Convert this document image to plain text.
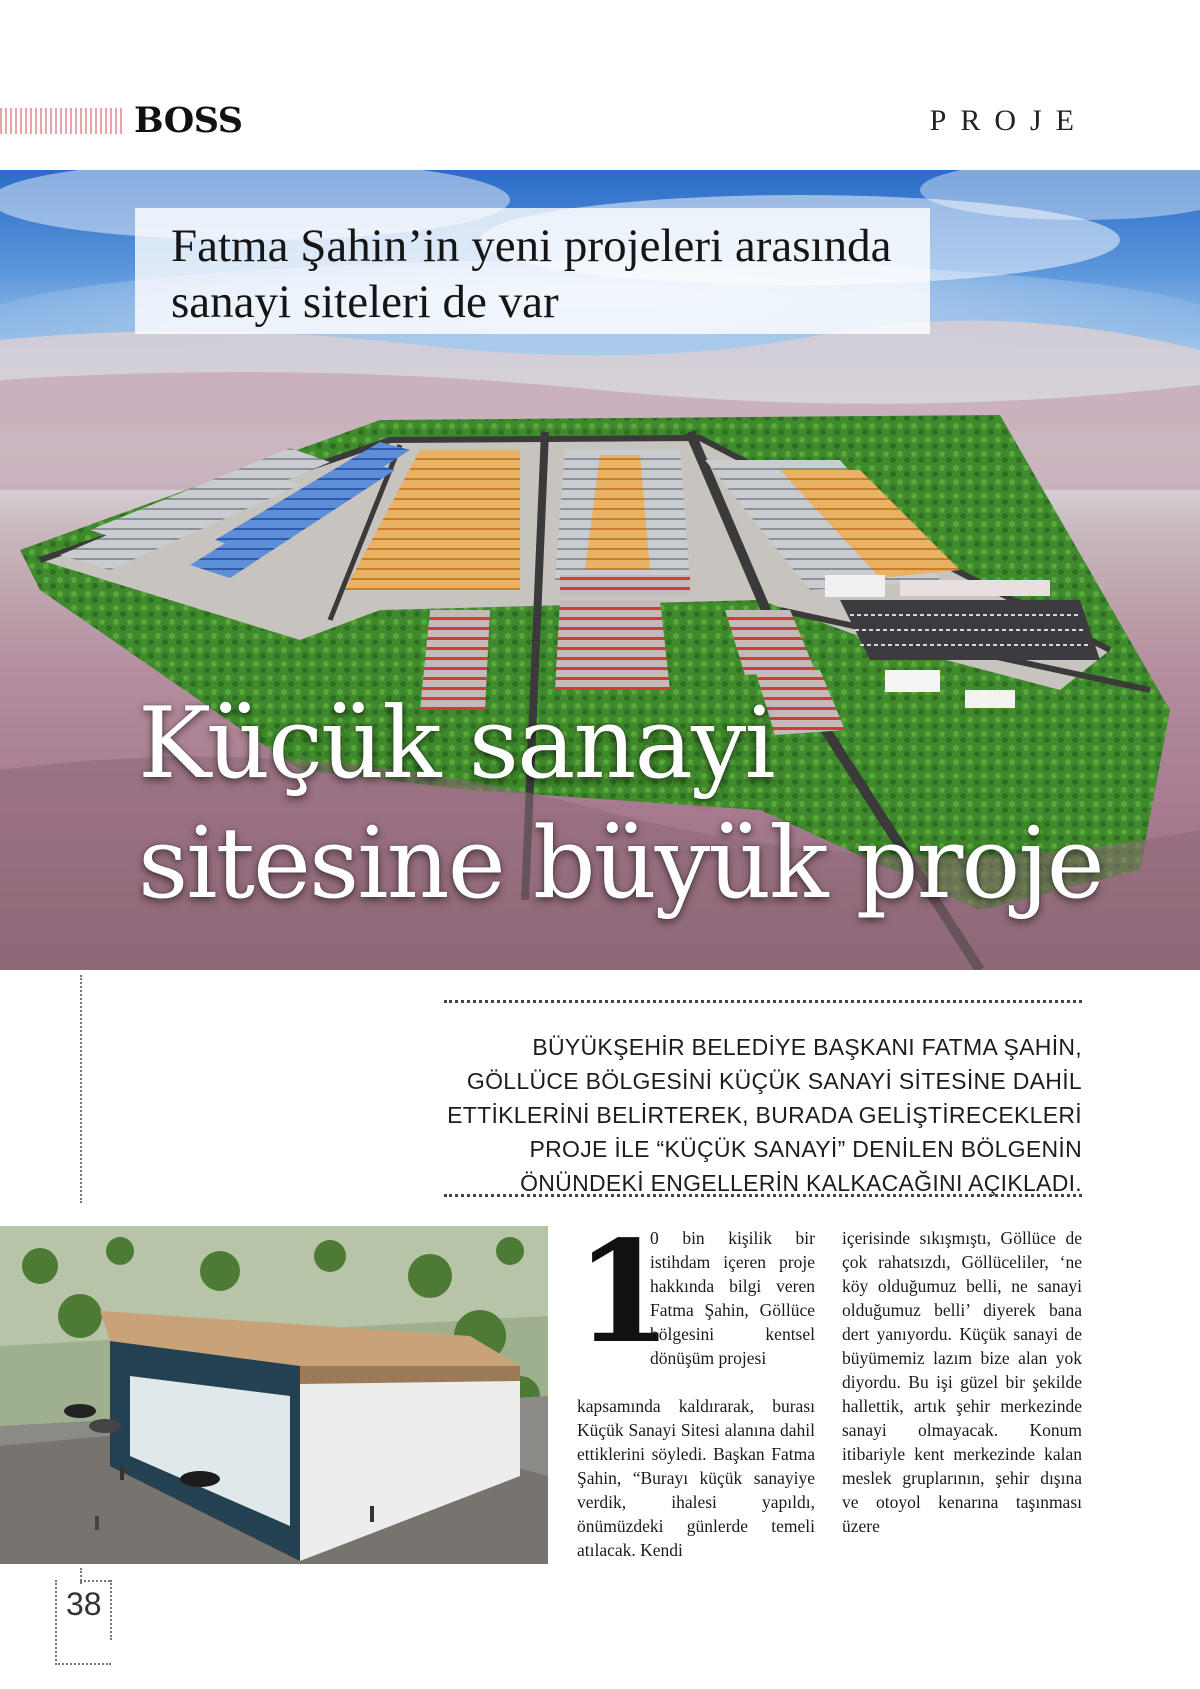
BOSS	PROJE
Fatma Şahin’in yeni projeleri arasında sanayi siteleri de var
Küçük sanayi
sitesine büyük proje
BÜYÜKŞEHİR BELEDİYE BAŞKANI FATMA ŞAHİN, GÖLLÜCE BÖLGESİNİ KÜÇÜK SANAYİ SİTESİNE DAHİL ETTİKLERİNİ BELİRTEREK, BURADA GELİŞTİRECEKLERİ PROJE İLE “KÜÇÜK SANAYİ” DENİLEN BÖLGENİN ÖNÜNDEKİ ENGELLERİN KALKACAĞINI AÇIKLADI.
1
0 bin kişilik bir istihdam içeren proje hakkında bilgi veren Fatma Şahin, Göllüce bölgesini kentsel dönüşüm projesi
kapsamında kaldırarak, burası Küçük Sanayi Sitesi alanına dahil ettiklerini söyledi. Başkan Fatma Şahin, “Burayı küçük sanayiye verdik, ihalesi yapıldı, önümüzdeki günlerde temeli atılacak. Kendi
içerisinde sıkışmıştı, Göllüce de çok rahatsızdı, Göllüceliler, ‘ne köy olduğumuz belli, ne sanayi olduğumuz belli’ diyerek bana dert yanıyordu. Küçük sanayi de büyümemiz lazım bize alan yok diyordu. Bu işi güzel bir şekilde hallettik, artık şehir merkezinde sanayi olmayacak. Konum itibariyle kent merkezinde kalan meslek gruplarının, şehir dışına ve otoyol kenarına taşınması üzere
38
